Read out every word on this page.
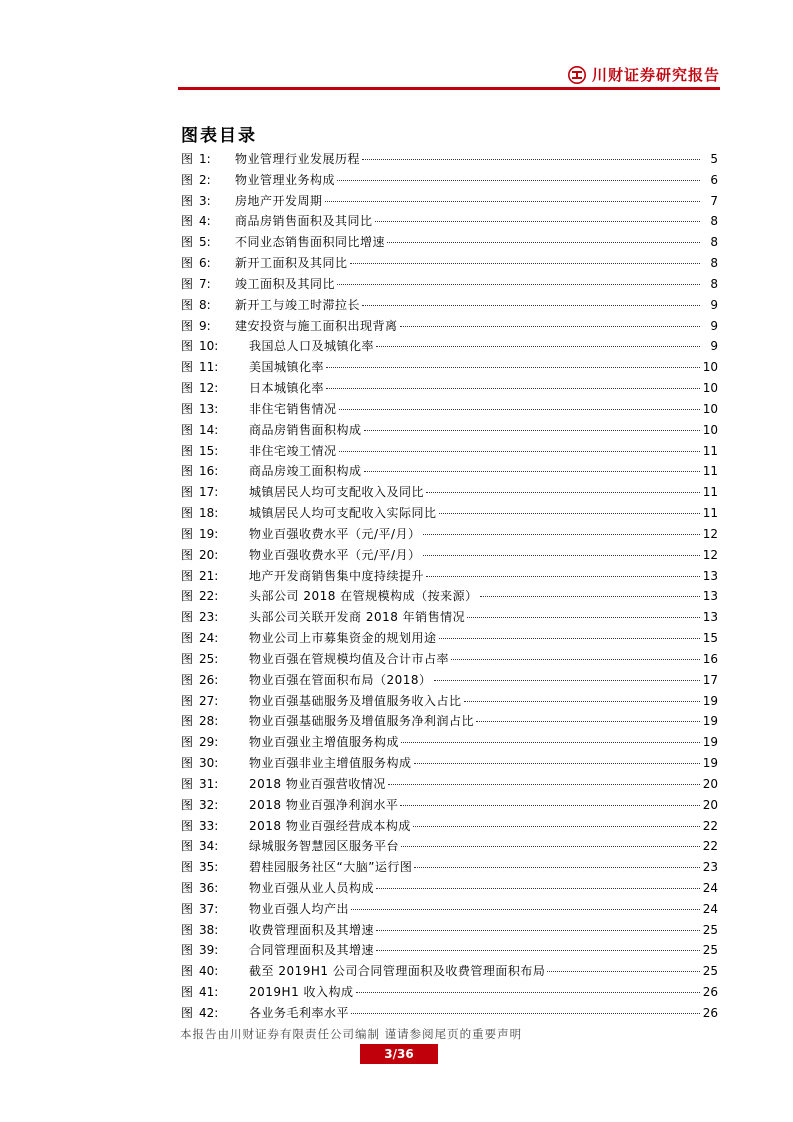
川财证券研究报告
图表目录
图 1:	物业管理行业发展历程	5
图 2:	物业管理业务构成	6
图 3:	房地产开发周期	7
图 4:	商品房销售面积及其同比	8
图 5:	不同业态销售面积同比增速	8
图 6:	新开工面积及其同比	8
图 7:	竣工面积及其同比	8
图 8:	新开工与竣工时滞拉长	9
图 9:	建安投资与施工面积出现背离	9
图 10:	我国总人口及城镇化率	9
图 11:	美国城镇化率	10
图 12:	日本城镇化率	10
图 13:	非住宅销售情况	10
图 14:	商品房销售面积构成	10
图 15:	非住宅竣工情况	11
图 16:	商品房竣工面积构成	11
图 17:	城镇居民人均可支配收入及同比	11
图 18:	城镇居民人均可支配收入实际同比	11
图 19:	物业百强收费水平（元/平/月）	12
图 20:	物业百强收费水平（元/平/月）	12
图 21:	地产开发商销售集中度持续提升	13
图 22:	头部公司 2018 在管规模构成（按来源）	13
图 23:	头部公司关联开发商 2018 年销售情况	13
图 24:	物业公司上市募集资金的规划用途	15
图 25:	物业百强在管规模均值及合计市占率	16
图 26:	物业百强在管面积布局（2018）	17
图 27:	物业百强基础服务及增值服务收入占比	19
图 28:	物业百强基础服务及增值服务净利润占比	19
图 29:	物业百强业主增值服务构成	19
图 30:	物业百强非业主增值服务构成	19
图 31:	2018 物业百强营收情况	20
图 32:	2018 物业百强净利润水平	20
图 33:	2018 物业百强经营成本构成	22
图 34:	绿城服务智慧园区服务平台	22
图 35:	碧桂园服务社区“大脑”运行图	23
图 36:	物业百强从业人员构成	24
图 37:	物业百强人均产出	24
图 38:	收费管理面积及其增速	25
图 39:	合同管理面积及其增速	25
图 40:	截至 2019H1 公司合同管理面积及收费管理面积布局	25
图 41:	2019H1 收入构成	26
图 42:	各业务毛利率水平	26
本报告由川财证券有限责任公司编制 谨请参阅尾页的重要声明
3/36
